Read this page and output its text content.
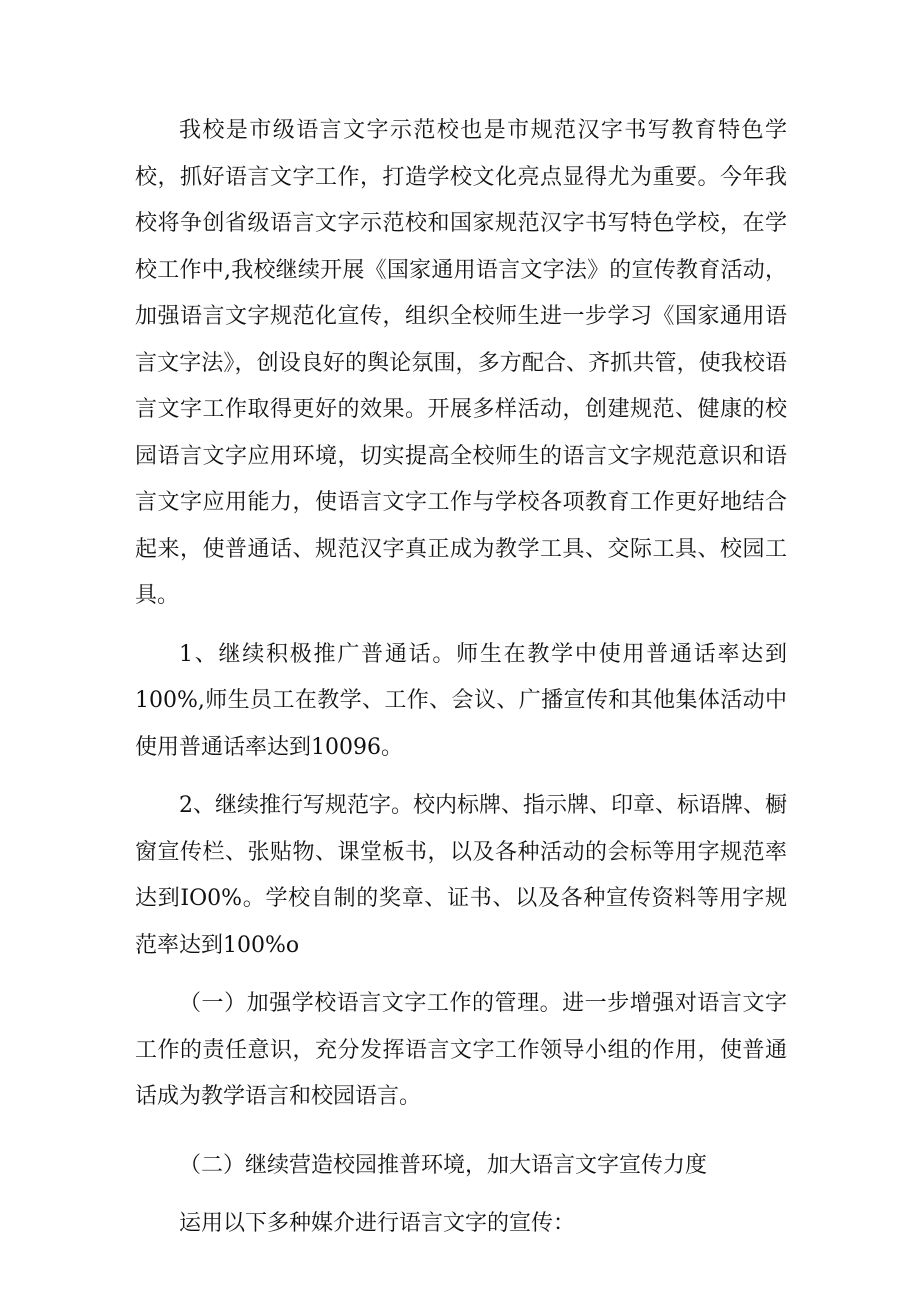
我校是市级语言文字示范校也是市规范汉字书写教育特色学校，抓好语言文字工作，打造学校文化亮点显得尤为重要。今年我校将争创省级语言文字示范校和国家规范汉字书写特色学校，在学校工作中,我校继续开展《国家通用语言文字法》的宣传教育活动，加强语言文字规范化宣传，组织全校师生进一步学习《国家通用语言文字法》，创设良好的舆论氛围，多方配合、齐抓共管，使我校语言文字工作取得更好的效果。开展多样活动，创建规范、健康的校园语言文字应用环境，切实提高全校师生的语言文字规范意识和语言文字应用能力，使语言文字工作与学校各项教育工作更好地结合起来，使普通话、规范汉字真正成为教学工具、交际工具、校园工具。

1、继续积极推广普通话。师生在教学中使用普通话率达到100%,师生员工在教学、工作、会议、广播宣传和其他集体活动中使用普通话率达到10096。

2、继续推行写规范字。校内标牌、指示牌、印章、标语牌、橱窗宣传栏、张贴物、课堂板书，以及各种活动的会标等用字规范率达到IO0%。学校自制的奖章、证书、以及各种宣传资料等用字规范率达到100%o

（一）加强学校语言文字工作的管理。进一步增强对语言文字工作的责任意识，充分发挥语言文字工作领导小组的作用，使普通话成为教学语言和校园语言。

（二）继续营造校园推普环境，加大语言文字宣传力度

运用以下多种媒介进行语言文字的宣传：
